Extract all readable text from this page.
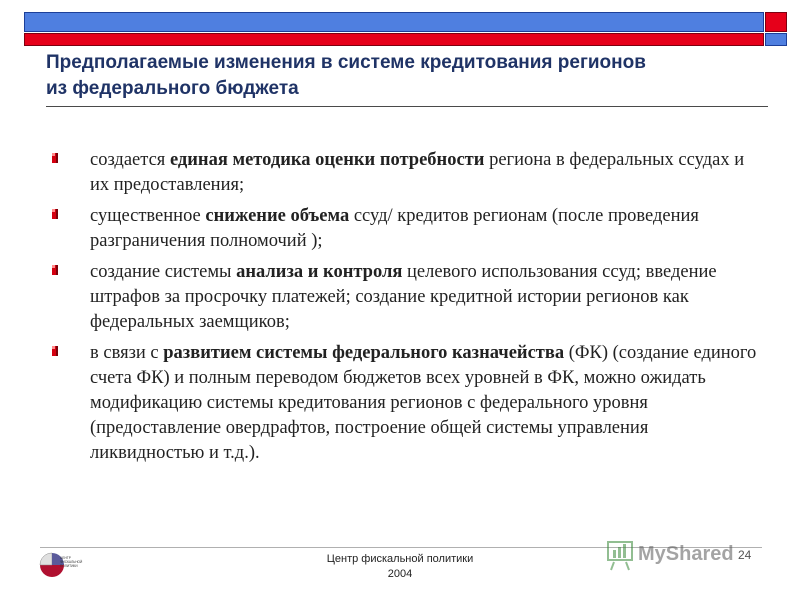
Предполагаемые изменения в системе кредитования регионов
из федерального бюджета
создается единая методика оценки потребности региона в федеральных ссудах и их предоставления;
существенное снижение объема ссуд/ кредитов регионам (после проведения разграничения полномочий );
создание системы анализа и контроля целевого использования ссуд; введение штрафов за просрочку платежей; создание кредитной истории регионов как федеральных заемщиков;
в связи с развитием системы федерального казначейства (ФК) (создание единого счета ФК) и полным переводом бюджетов всех уровней в ФК, можно ожидать модификацию системы кредитования регионов с федерального уровня (предоставление овердрафтов, построение общей системы управления ликвидностью и т.д.).
ЦЕНТР
ФИСКАЛЬНОЙ
ПОЛИТИКИ
Центр фискальной политики
2004
MyShared 24
